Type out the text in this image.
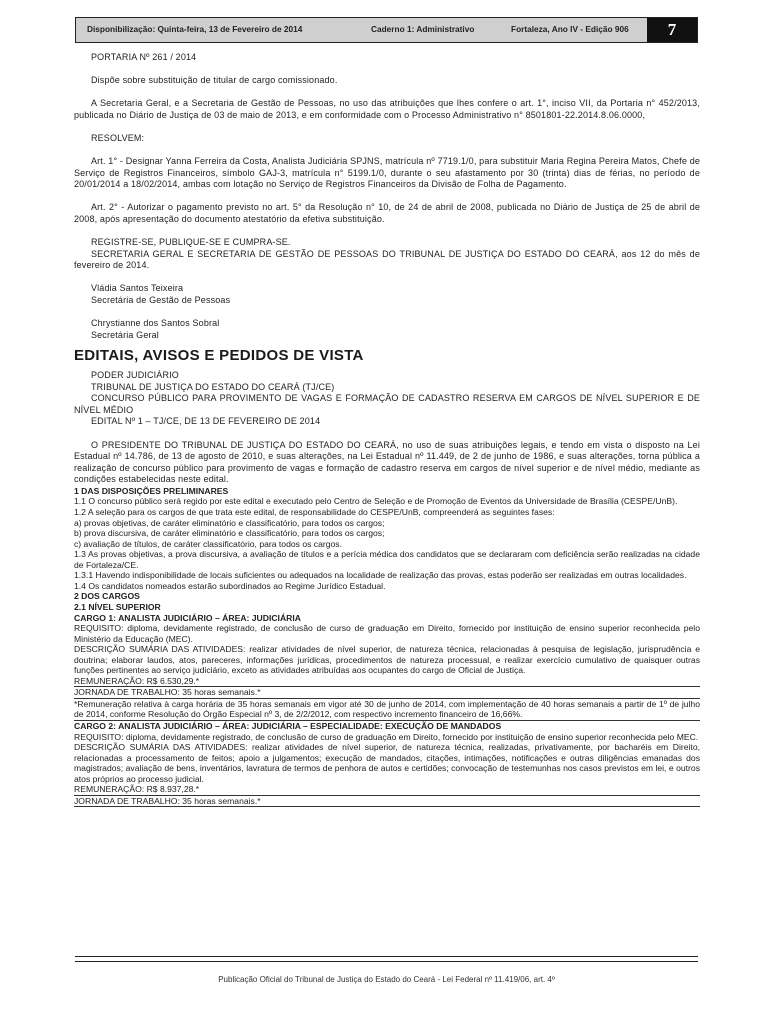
Disponibilização: Quinta-feira, 13 de Fevereiro de 2014	Caderno 1: Administrativo	Fortaleza, Ano IV - Edição 906	7

PORTARIA Nº 261 / 2014

Dispõe sobre substituição de titular de cargo comissionado.

A Secretaria Geral, e a Secretaria de Gestão de Pessoas, no uso das atribuições que lhes confere o art. 1°, inciso VII, da Portaria n° 452/2013, publicada no Diário de Justiça de 03 de maio de 2013, e em conformidade com o Processo Administrativo n° 8501801-22.2014.8.06.0000,

RESOLVEM:

Art. 1° - Designar Yanna Ferreira da Costa, Analista Judiciária SPJNS, matrícula nº 7719.1/0, para substituir Maria Regina Pereira Matos, Chefe de Serviço de Registros Financeiros, símbolo GAJ-3, matrícula n° 5199.1/0, durante o seu afastamento por 30 (trinta) dias de férias, no período de 20/01/2014 a 18/02/2014, ambas com lotação no Serviço de Registros Financeiros da Divisão de Folha de Pagamento.

Art. 2° - Autorizar o pagamento previsto no art. 5° da Resolução n° 10, de 24 de abril de 2008, publicada no Diário de Justiça de 25 de abril de 2008, após apresentação do documento atestatório da efetiva substituição.

REGISTRE-SE, PUBLIQUE-SE E CUMPRA-SE.

SECRETARIA GERAL E SECRETARIA DE GESTÃO DE PESSOAS DO TRIBUNAL DE JUSTIÇA DO ESTADO DO CEARÁ, aos 12 do mês de fevereiro de 2014.

Vládia Santos Teixeira

Secretária de Gestão de Pessoas

Chrystianne dos Santos Sobral

Secretária Geral

EDITAIS, AVISOS E PEDIDOS DE VISTA

PODER JUDICIÁRIO

TRIBUNAL DE JUSTIÇA DO ESTADO DO CEARÁ (TJ/CE)

CONCURSO PÚBLICO PARA PROVIMENTO DE VAGAS E FORMAÇÃO DE CADASTRO RESERVA EM CARGOS DE NÍVEL SUPERIOR E DE NÍVEL MÉDIO

EDITAL Nº 1 – TJ/CE, DE 13 DE FEVEREIRO DE 2014

O PRESIDENTE DO TRIBUNAL DE JUSTIÇA DO ESTADO DO CEARÁ, no uso de suas atribuições legais, e tendo em vista o disposto na Lei Estadual nº 14.786, de 13 de agosto de 2010, e suas alterações, na Lei Estadual nº 11.449, de 2 de junho de 1986, e suas alterações, torna pública a realização de concurso público para provimento de vagas e formação de cadastro reserva em cargos de nível superior e de nível médio, mediante as condições estabelecidas neste edital.

1 DAS DISPOSIÇÕES PRELIMINARES

1.1 O concurso público será regido por este edital e executado pelo Centro de Seleção e de Promoção de Eventos da Universidade de Brasília (CESPE/UnB).

1.2 A seleção para os cargos de que trata este edital, de responsabilidade do CESPE/UnB, compreenderá as seguintes fases:

a) provas objetivas, de caráter eliminatório e classificatório, para todos os cargos;

b) prova discursiva, de caráter eliminatório e classificatório, para todos os cargos;

c) avaliação de títulos, de caráter classificatório, para todos os cargos.

1.3 As provas objetivas, a prova discursiva, a avaliação de títulos e a perícia médica dos candidatos que se declararam com deficiência serão realizadas na cidade de Fortaleza/CE.

1.3.1 Havendo indisponibilidade de locais suficientes ou adequados na localidade de realização das provas, estas poderão ser realizadas em outras localidades.

1.4 Os candidatos nomeados estarão subordinados ao Regime Jurídico Estadual.

2 DOS CARGOS

2.1 NÍVEL SUPERIOR

CARGO 1: ANALISTA JUDICIÁRIO – ÁREA: JUDICIÁRIA

REQUISITO: diploma, devidamente registrado, de conclusão de curso de graduação em Direito, fornecido por instituição de ensino superior reconhecida pelo Ministério da Educação (MEC).

DESCRIÇÃO SUMÁRIA DAS ATIVIDADES: realizar atividades de nível superior, de natureza técnica, relacionadas à pesquisa de legislação, jurisprudência e doutrina; elaborar laudos, atos, pareceres, informações jurídicas, procedimentos de natureza processual, e realizar exercício cumulativo de quaisquer outras funções pertinentes ao serviço judiciário, exceto as atividades atribuídas aos ocupantes do cargo de Oficial de Justiça.

REMUNERAÇÃO: R$ 6.530,29.*

JORNADA DE TRABALHO: 35 horas semanais.*

*Remuneração relativa à carga horária de 35 horas semanais em vigor até 30 de junho de 2014, com implementação de 40 horas semanais a partir de 1º de julho de 2014, conforme Resolução do Órgão Especial nº 3, de 2/2/2012, com respectivo incremento financeiro de 16,66%.

CARGO 2: ANALISTA JUDICIÁRIO – ÁREA: JUDICIÁRIA – ESPECIALIDADE: EXECUÇÃO DE MANDADOS

REQUISITO: diploma, devidamente registrado, de conclusão de curso de graduação em Direito, fornecido por instituição de ensino superior reconhecida pelo MEC.

DESCRIÇÃO SUMÁRIA DAS ATIVIDADES: realizar atividades de nível superior, de natureza técnica, realizadas, privativamente, por bacharéis em Direito, relacionadas a processamento de feitos; apoio a julgamentos; execução de mandados, citações, intimações, notificações e outras diligências emanadas dos magistrados; avaliação de bens, inventários, lavratura de termos de penhora de autos e certidões; convocação de testemunhas nos casos previstos em lei, e outros atos próprios ao processo judicial.

REMUNERAÇÃO: R$ 8.937,28.*

JORNADA DE TRABALHO: 35 horas semanais.*

Publicação Oficial do Tribunal de Justiça do Estado do Ceará - Lei Federal nº 11.419/06, art. 4º
